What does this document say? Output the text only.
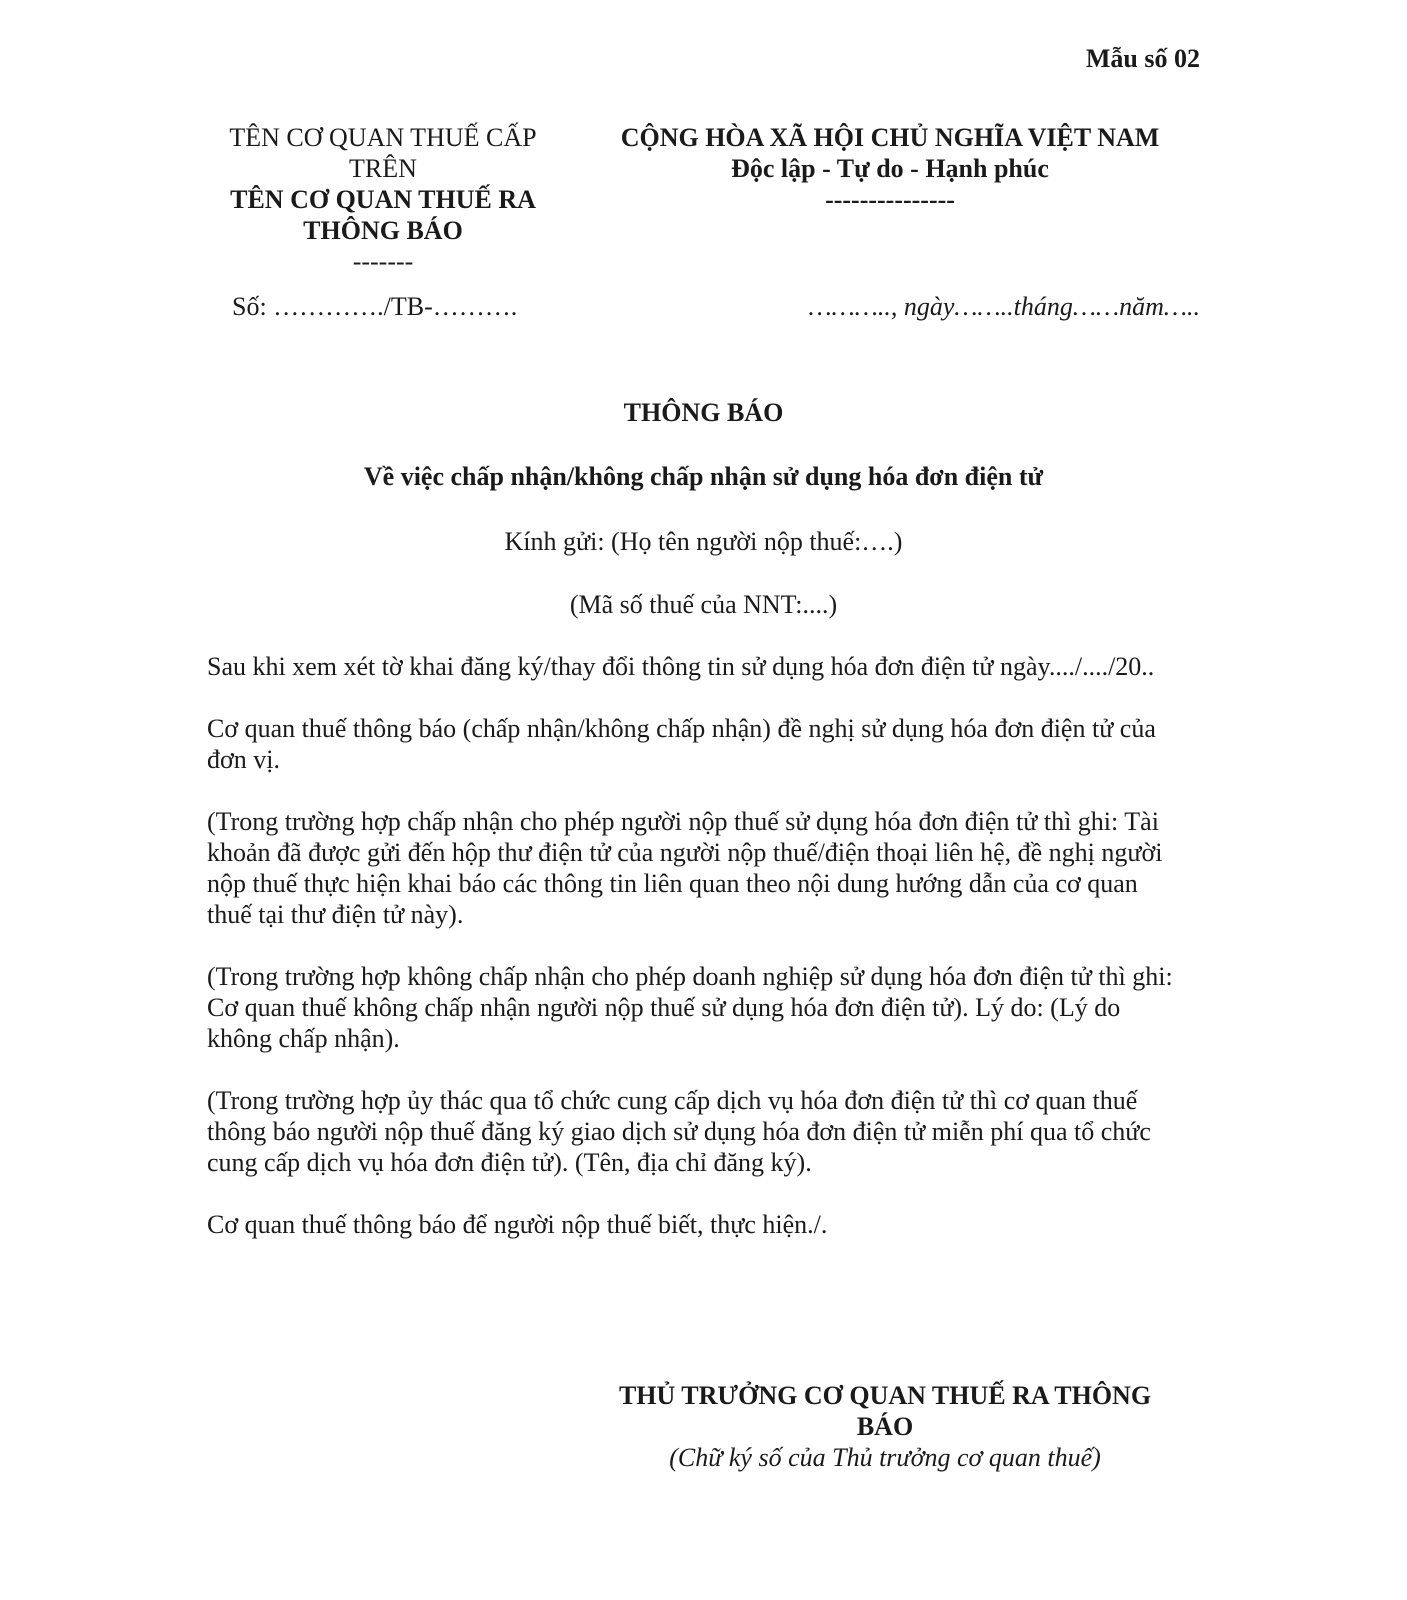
Mẫu số 02
TÊN CƠ QUAN THUẾ CẤP TRÊN
TÊN CƠ QUAN THUẾ RA THÔNG BÁO
-------
CỘNG HÒA XÃ HỘI CHỦ NGHĨA VIỆT NAM
Độc lập - Tự do - Hạnh phúc
---------------
Số: …………./TB-……….	……….., ngày……..tháng……năm…..
THÔNG BÁO
Về việc chấp nhận/không chấp nhận sử dụng hóa đơn điện tử
Kính gửi: (Họ tên người nộp thuế:….)
(Mã số thuế của NNT:....)

Sau khi xem xét tờ khai đăng ký/thay đổi thông tin sử dụng hóa đơn điện tử ngày..../..../20..

Cơ quan thuế thông báo (chấp nhận/không chấp nhận) đề nghị sử dụng hóa đơn điện tử của đơn vị.

(Trong trường hợp chấp nhận cho phép người nộp thuế sử dụng hóa đơn điện tử thì ghi: Tài khoản đã được gửi đến hộp thư điện tử của người nộp thuế/điện thoại liên hệ, đề nghị người nộp thuế thực hiện khai báo các thông tin liên quan theo nội dung hướng dẫn của cơ quan thuế tại thư điện tử này).

(Trong trường hợp không chấp nhận cho phép doanh nghiệp sử dụng hóa đơn điện tử thì ghi: Cơ quan thuế không chấp nhận người nộp thuế sử dụng hóa đơn điện tử). Lý do: (Lý do không chấp nhận).

(Trong trường hợp ủy thác qua tổ chức cung cấp dịch vụ hóa đơn điện tử thì cơ quan thuế thông báo người nộp thuế đăng ký giao dịch sử dụng hóa đơn điện tử miễn phí qua tổ chức cung cấp dịch vụ hóa đơn điện tử). (Tên, địa chỉ đăng ký).

Cơ quan thuế thông báo để người nộp thuế biết, thực hiện./.

THỦ TRƯỞNG CƠ QUAN THUẾ RA THÔNG BÁO
(Chữ ký số của Thủ trưởng cơ quan thuế)
